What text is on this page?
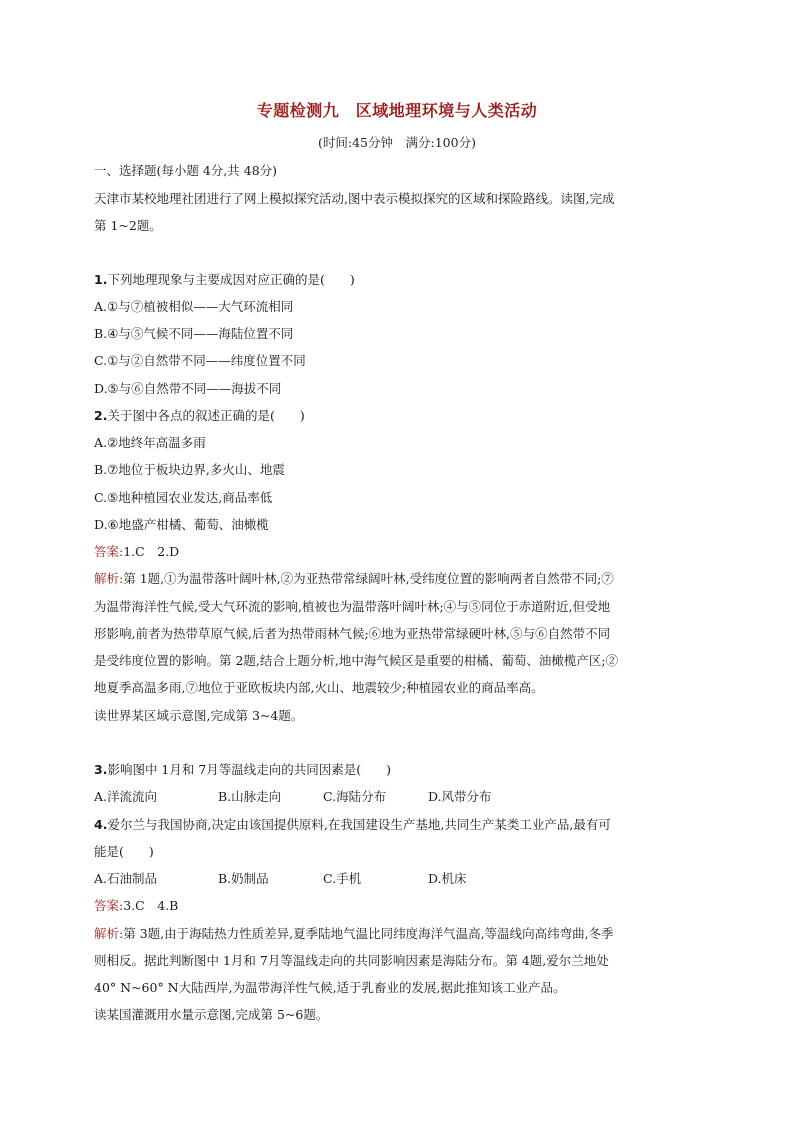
专题检测九　区域地理环境与人类活动
(时间:45分钟　满分:100分)
一、选择题(每小题 4分,共 48分)
天津市某校地理社团进行了网上模拟探究活动,图中表示模拟探究的区域和探险路线。读图,完成
第 1~2题。
1.下列地理现象与主要成因对应正确的是(　　)
A.①与⑦植被相似——大气环流相同
B.④与⑤气候不同——海陆位置不同
C.①与②自然带不同——纬度位置不同
D.⑤与⑥自然带不同——海拔不同
2.关于图中各点的叙述正确的是(　　)
A.②地终年高温多雨
B.⑦地位于板块边界,多火山、地震
C.⑤地种植园农业发达,商品率低
D.⑥地盛产柑橘、葡萄、油橄榄
答案:1.C　2.D
解析:第 1题,①为温带落叶阔叶林,②为亚热带常绿阔叶林,受纬度位置的影响两者自然带不同;⑦
为温带海洋性气候,受大气环流的影响,植被也为温带落叶阔叶林;④与⑤同位于赤道附近,但受地
形影响,前者为热带草原气候,后者为热带雨林气候;⑥地为亚热带常绿硬叶林,⑤与⑥自然带不同
是受纬度位置的影响。第 2题,结合上题分析,地中海气候区是重要的柑橘、葡萄、油橄榄产区;②
地夏季高温多雨,⑦地位于亚欧板块内部,火山、地震较少;种植园农业的商品率高。
读世界某区域示意图,完成第 3~4题。
3.影响图中 1月和 7月等温线走向的共同因素是(　　)
A.洋流流向	B.山脉走向	C.海陆分布	D.风带分布
4.爱尔兰与我国协商,决定由该国提供原料,在我国建设生产基地,共同生产某类工业产品,最有可
能是(　　)
A.石油制品	B.奶制品	C.手机	D.机床
答案:3.C　4.B
解析:第 3题,由于海陆热力性质差异,夏季陆地气温比同纬度海洋气温高,等温线向高纬弯曲,冬季
则相反。据此判断图中 1月和 7月等温线走向的共同影响因素是海陆分布。第 4题,爱尔兰地处
40° N~60° N大陆西岸,为温带海洋性气候,适于乳畜业的发展,据此推知该工业产品。
读某国灌溉用水量示意图,完成第 5~6题。
